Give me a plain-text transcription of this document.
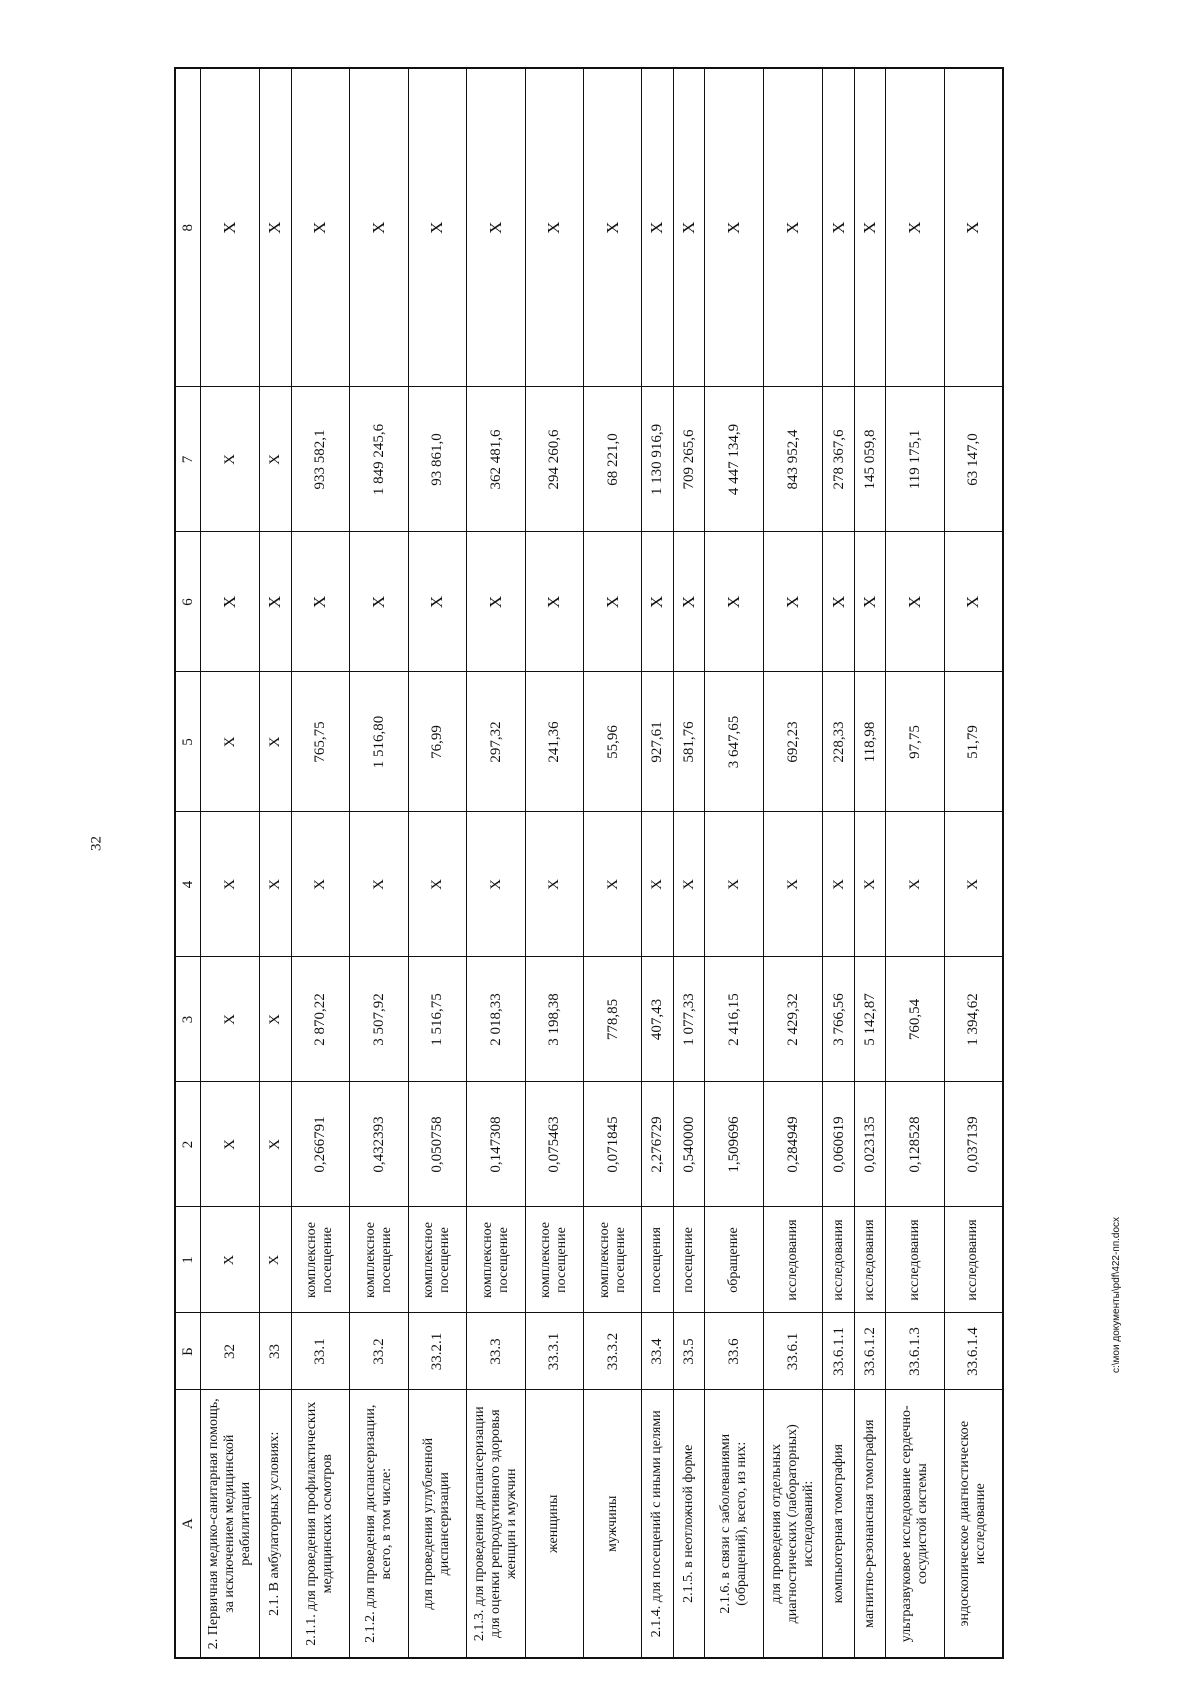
32
А	Б	1	2	3	4	5	6	7	8
2. Первичная медико-санитарная помощь, за исключением медицинской реабилитации	32	X	X	X	X	X	X	X	X
2.1. В амбулаторных условиях:	33	X	X	X	X	X	X	X	X
2.1.1. для проведения профилактических медицинских осмотров	33.1	комплексное посещение	0,266791	2 870,22	X	765,75	X	933 582,1	X
2.1.2. для проведения диспансеризации, всего, в том числе:	33.2	комплексное посещение	0,432393	3 507,92	X	1 516,80	X	1 849 245,6	X
для проведения углубленной диспансеризации	33.2.1	комплексное посещение	0,050758	1 516,75	X	76,99	X	93 861,0	X
2.1.3. для проведения диспансеризации для оценки репродуктивного здоровья женщин и мужчин	33.3	комплексное посещение	0,147308	2 018,33	X	297,32	X	362 481,6	X
женщины	33.3.1	комплексное посещение	0,075463	3 198,38	X	241,36	X	294 260,6	X
мужчины	33.3.2	комплексное посещение	0,071845	778,85	X	55,96	X	68 221,0	X
2.1.4. для посещений с иными целями	33.4	посещения	2,276729	407,43	X	927,61	X	1 130 916,9	X
2.1.5. в неотложной форме	33.5	посещение	0,540000	1 077,33	X	581,76	X	709 265,6	X
2.1.6. в связи с заболеваниями (обращений), всего, из них:	33.6	обращение	1,509696	2 416,15	X	3 647,65	X	4 447 134,9	X
для проведения отдельных диагностических (лабораторных) исследований:	33.6.1	исследования	0,284949	2 429,32	X	692,23	X	843 952,4	X
компьютерная томография	33.6.1.1	исследования	0,060619	3 766,56	X	228,33	X	278 367,6	X
магнитно-резонансная томография	33.6.1.2	исследования	0,023135	5 142,87	X	118,98	X	145 059,8	X
ультразвуковое исследование сердечно-сосудистой системы	33.6.1.3	исследования	0,128528	760,54	X	97,75	X	119 175,1	X
эндоскопическое диагностическое исследование	33.6.1.4	исследования	0,037139	1 394,62	X	51,79	X	63 147,0	X
c:\мои документы\pdf\422-пп.docx
